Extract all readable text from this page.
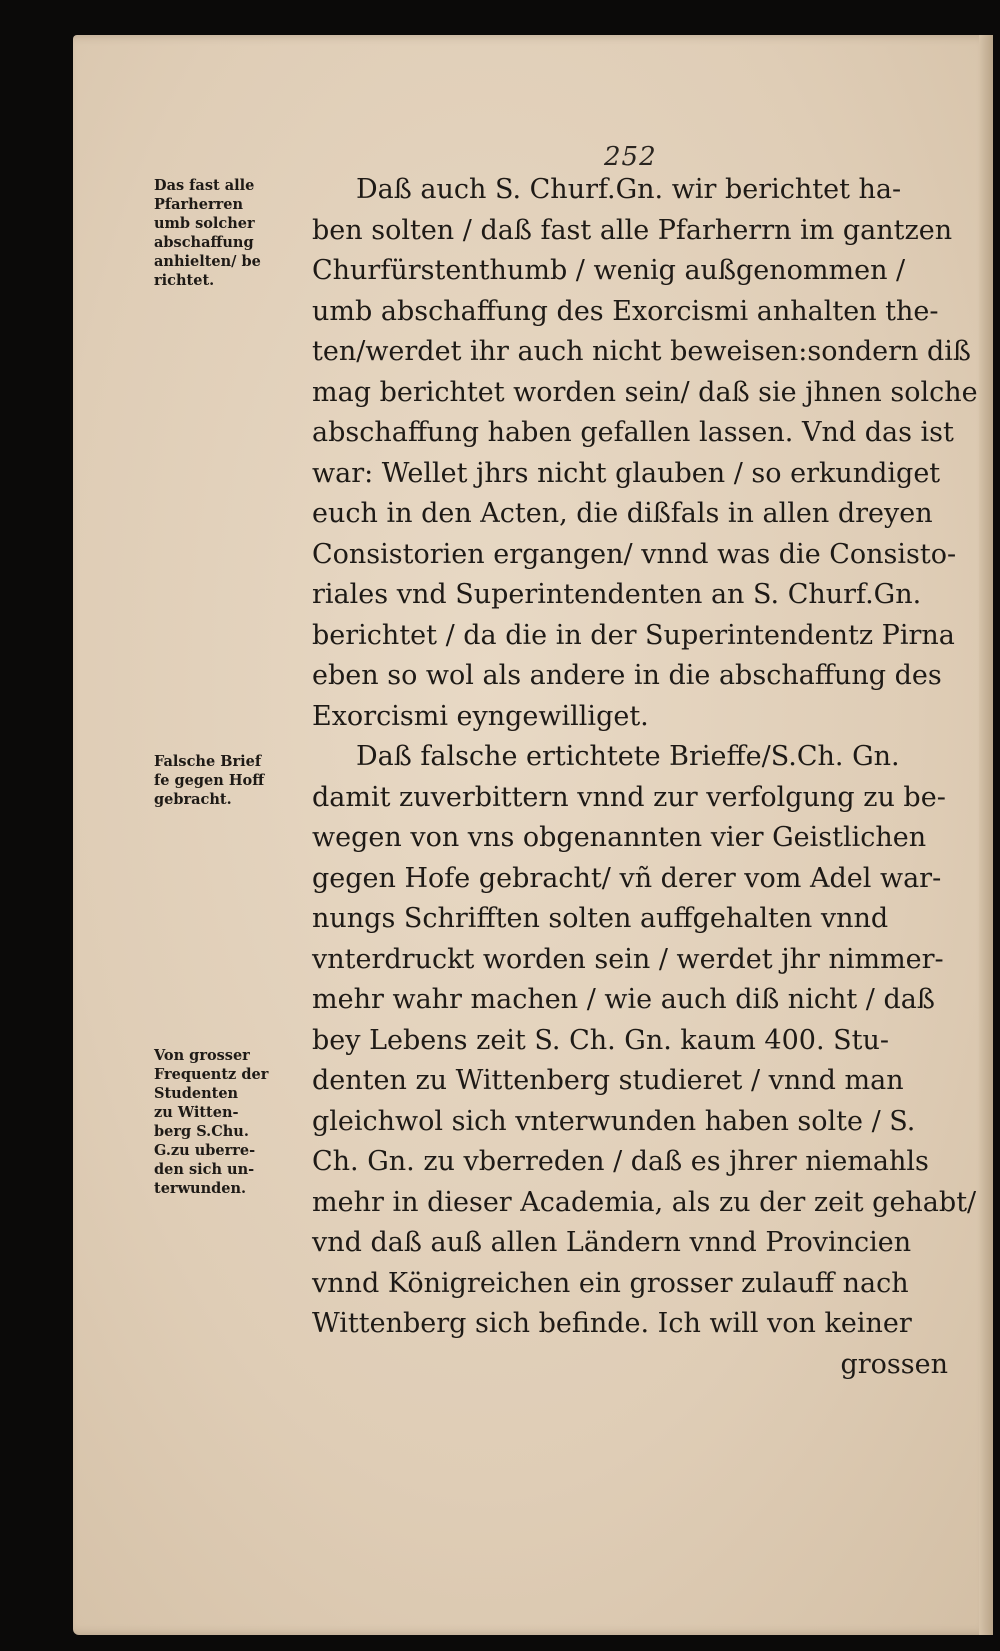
252

Das fast alle

Pfarherren

umb solcher

abschaffung

anhielten/ be

richtet.

Falsche Brief

fe gegen Hoff

gebracht.

Von grosser

Frequentz der

Studenten

zu Witten-

berg S.Chu.

G.zu uberre-

den sich un-

terwunden.

Daß auch S. Churf.Gn. wir berichtet ha-

ben solten / daß fast alle Pfarherrn im gantzen

Churfürstenthumb / wenig außgenommen /

umb abschaffung des Exorcismi anhalten the-

ten/werdet ihr auch nicht beweisen:sondern diß

mag berichtet worden sein/ daß sie jhnen solche

abschaffung haben gefallen lassen. Vnd das ist

war: Wellet jhrs nicht glauben / so erkundiget

euch in den Acten, die dißfals in allen dreyen

Consistorien ergangen/ vnnd was die Consisto-

riales vnd Superintendenten an S. Churf.Gn.

berichtet / da die in der Superintendentz Pirna

eben so wol als andere in die abschaffung des

Exorcismi eyngewilliget.

Daß falsche ertichtete Brieffe/S.Ch. Gn.

damit zuverbittern vnnd zur verfolgung zu be-

wegen von vns obgenannten vier Geistlichen

gegen Hofe gebracht/ vñ derer vom Adel war-

nungs Schrifften solten auffgehalten vnnd

vnterdruckt worden sein / werdet jhr nimmer-

mehr wahr machen / wie auch diß nicht / daß

bey Lebens zeit S. Ch. Gn. kaum 400. Stu-

denten zu Wittenberg studieret / vnnd man

gleichwol sich vnterwunden haben solte / S.

Ch. Gn. zu vberreden / daß es jhrer niemahls

mehr in dieser Academia, als zu der zeit gehabt/

vnd daß auß allen Ländern vnnd Provincien

vnnd Königreichen ein grosser zulauff nach

Wittenberg sich befinde. Ich will von keiner

grossen
